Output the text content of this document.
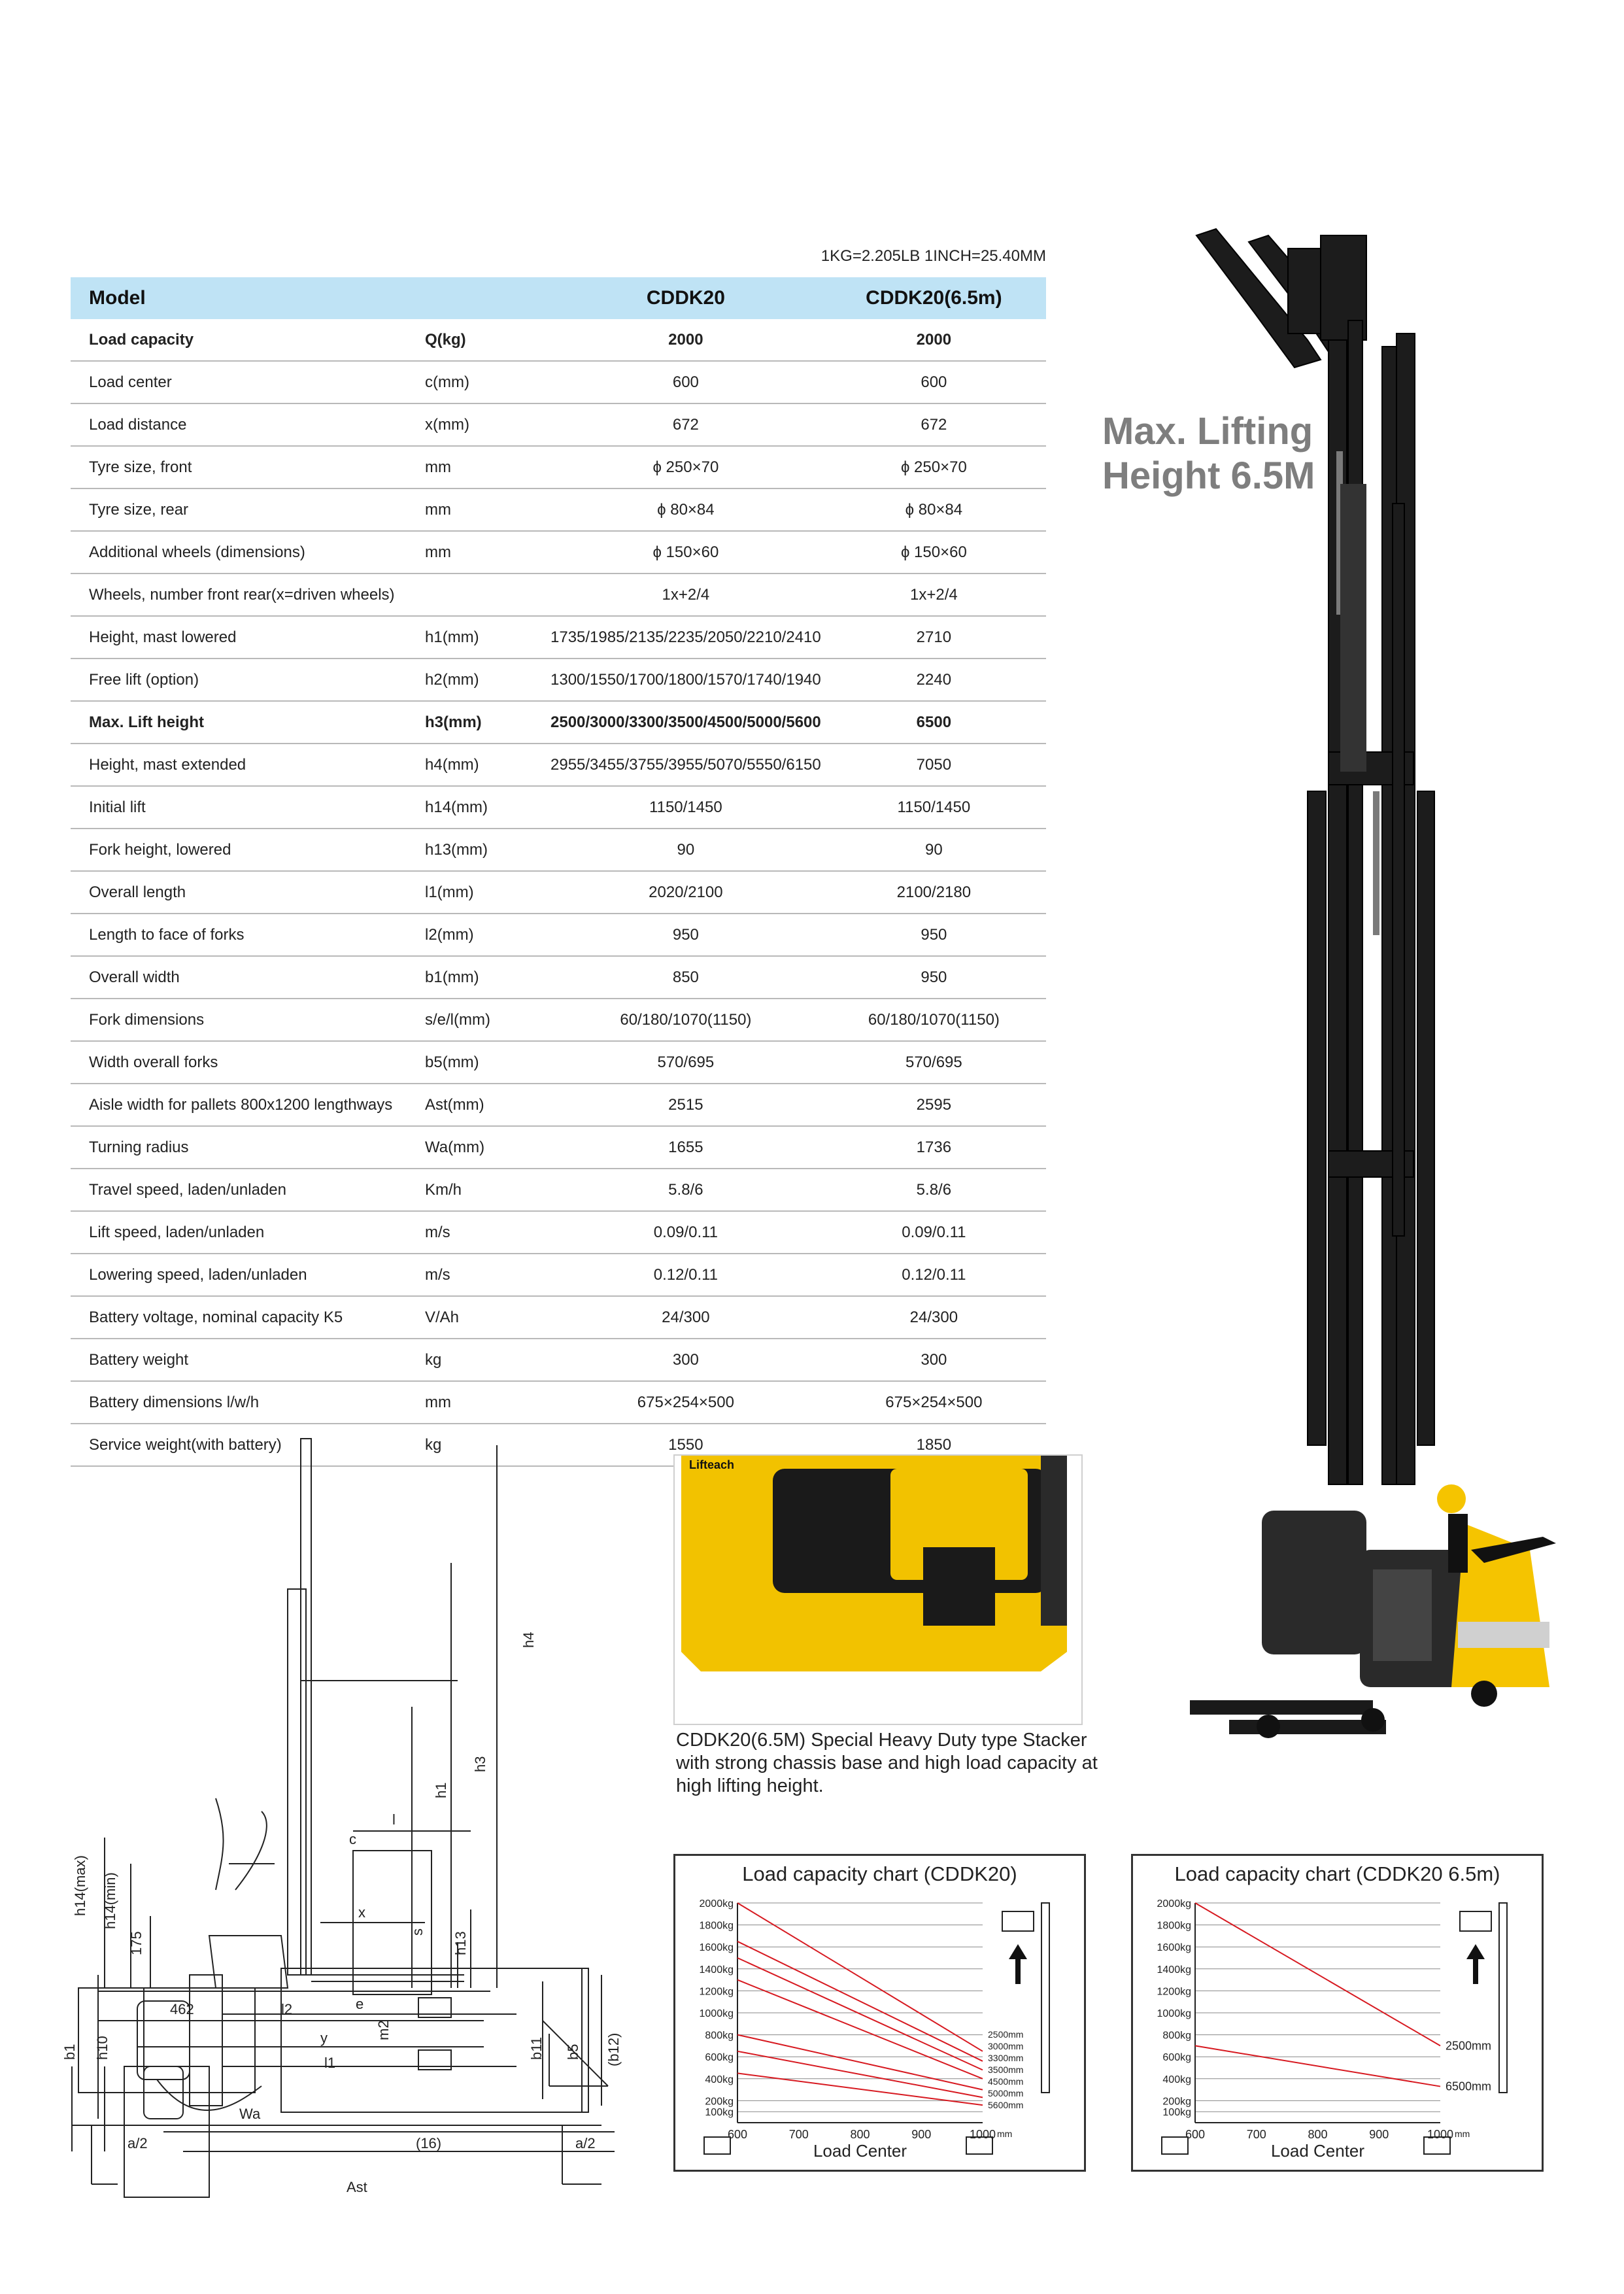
1KG=2.205LB 1INCH=25.40MM
Model		CDDK20	CDDK20(6.5m)
Load capacity	Q(kg)	2000	2000
Load center	c(mm)	600	600
Load distance	x(mm)	672	672
Tyre size, front	mm	ϕ 250×70	ϕ 250×70
Tyre size, rear	mm	ϕ 80×84	ϕ 80×84
Additional wheels (dimensions)	mm	ϕ 150×60	ϕ 150×60
Wheels, number front rear(x=driven wheels)		1x+2/4	1x+2/4
Height, mast lowered	h1(mm)	1735/1985/2135/2235/2050/2210/2410	2710
Free lift (option)	h2(mm)	1300/1550/1700/1800/1570/1740/1940	2240
Max. Lift height	h3(mm)	2500/3000/3300/3500/4500/5000/5600	6500
Height, mast extended	h4(mm)	2955/3455/3755/3955/5070/5550/6150	7050
Initial lift	h14(mm)	1150/1450	1150/1450
Fork height, lowered	h13(mm)	90	90
Overall length	l1(mm)	2020/2100	2100/2180
Length to face of forks	l2(mm)	950	950
Overall width	b1(mm)	850	950
Fork dimensions	s/e/l(mm)	60/180/1070(1150)	60/180/1070(1150)
Width overall forks	b5(mm)	570/695	570/695
Aisle width for pallets 800x1200 lengthways	Ast(mm)	2515	2595
Turning radius	Wa(mm)	1655	1736
Travel speed, laden/unladen	Km/h	5.8/6	5.8/6
Lift speed, laden/unladen	m/s	0.09/0.11	0.09/0.11
Lowering speed, laden/unladen	m/s	0.12/0.11	0.12/0.11
Battery voltage, nominal capacity K5	V/Ah	24/300	24/300
Battery weight	kg	300	300
Battery dimensions l/w/h	mm	675×254×500	675×254×500
Service weight(with battery)	kg	1550	1850
Max. Lifting
Height 6.5M
h14(max) h14(min)
175
h1
h3
h4
h13
s
c
l
x
462	l2
y
l1
m2
b1 h10	b11 b5 (b12)
e
Wa
a/2	(16)	a/2
Ast
Lifteach
CDDK20(6.5M) Special Heavy Duty type Stacker with strong chassis base and high load capacity at high lifting height.
Load capacity chart (CDDK20)
2000kg
1800kg
1600kg
1400kg
1200kg
1000kg
800kg
600kg
400kg
200kg
100kg
600	700	800	900	1000 mm
Load Center
2500mm
3000mm
3300mm
3500mm
4500mm
5000mm
5600mm
Load capacity chart (CDDK20 6.5m)
2000kg
1800kg
1600kg
1400kg
1200kg
1000kg
800kg
600kg
400kg
200kg
100kg
600	700	800	900	1000 mm
Load Center
2500mm
6500mm
